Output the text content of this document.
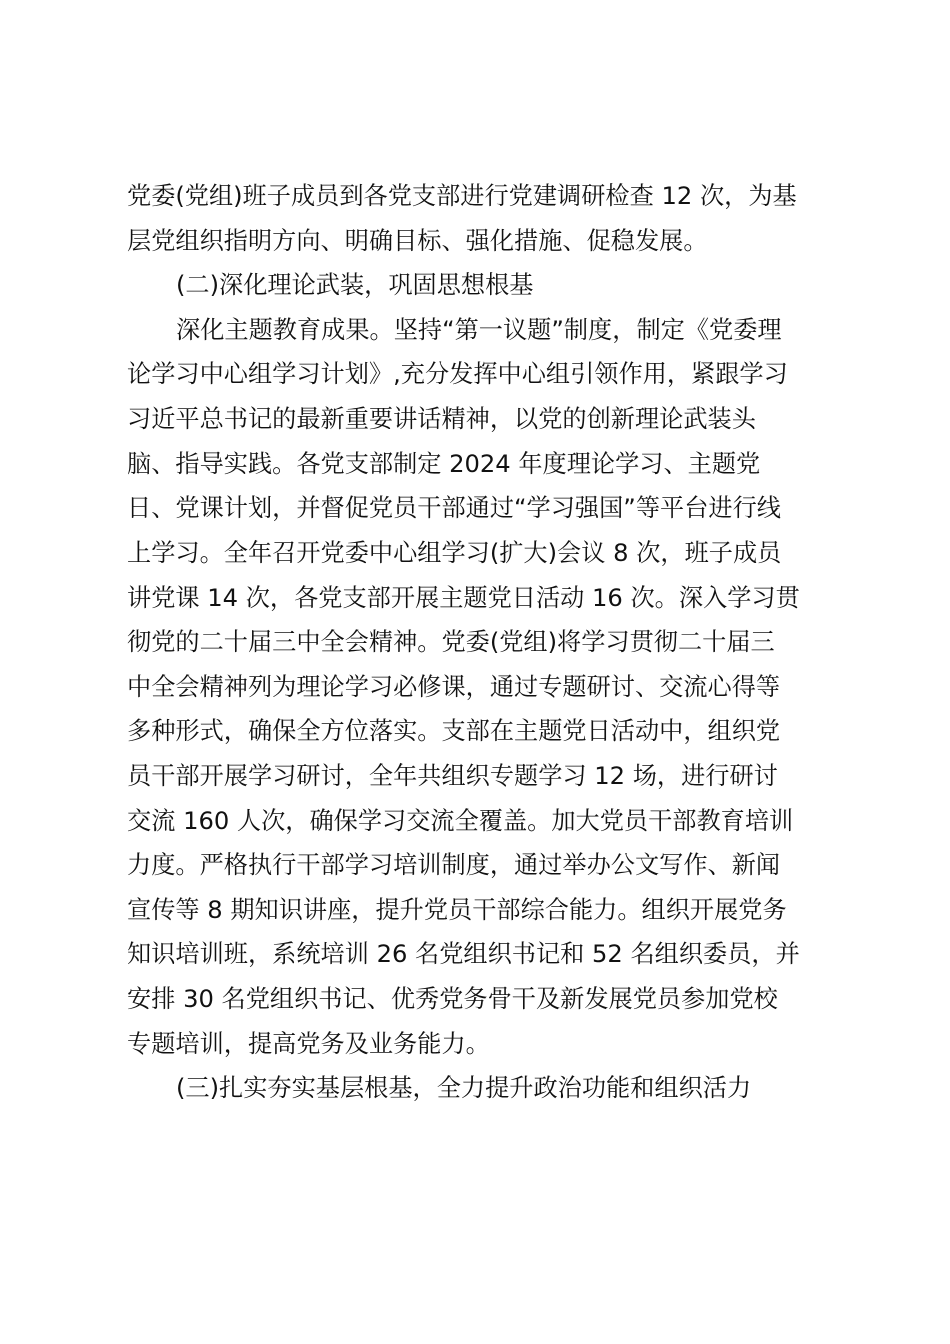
党委(党组)班子成员到各党支部进行党建调研检查 12 次，为基
层党组织指明方向、明确目标、强化措施、促稳发展。
(二)深化理论武装，巩固思想根基
深化主题教育成果。坚持“第一议题”制度，制定《党委理
论学习中心组学习计划》,充分发挥中心组引领作用，紧跟学习
习近平总书记的最新重要讲话精神，以党的创新理论武装头
脑、指导实践。各党支部制定 2024 年度理论学习、主题党
日、党课计划，并督促党员干部通过“学习强国”等平台进行线
上学习。全年召开党委中心组学习(扩大)会议 8 次，班子成员
讲党课 14 次，各党支部开展主题党日活动 16 次。深入学习贯
彻党的二十届三中全会精神。党委(党组)将学习贯彻二十届三
中全会精神列为理论学习必修课，通过专题研讨、交流心得等
多种形式，确保全方位落实。支部在主题党日活动中，组织党
员干部开展学习研讨，全年共组织专题学习 12 场，进行研讨
交流 160 人次，确保学习交流全覆盖。加大党员干部教育培训
力度。严格执行干部学习培训制度，通过举办公文写作、新闻
宣传等 8 期知识讲座，提升党员干部综合能力。组织开展党务
知识培训班，系统培训 26 名党组织书记和 52 名组织委员，并
安排 30 名党组织书记、优秀党务骨干及新发展党员参加党校
专题培训，提高党务及业务能力。
(三)扎实夯实基层根基，全力提升政治功能和组织活力
